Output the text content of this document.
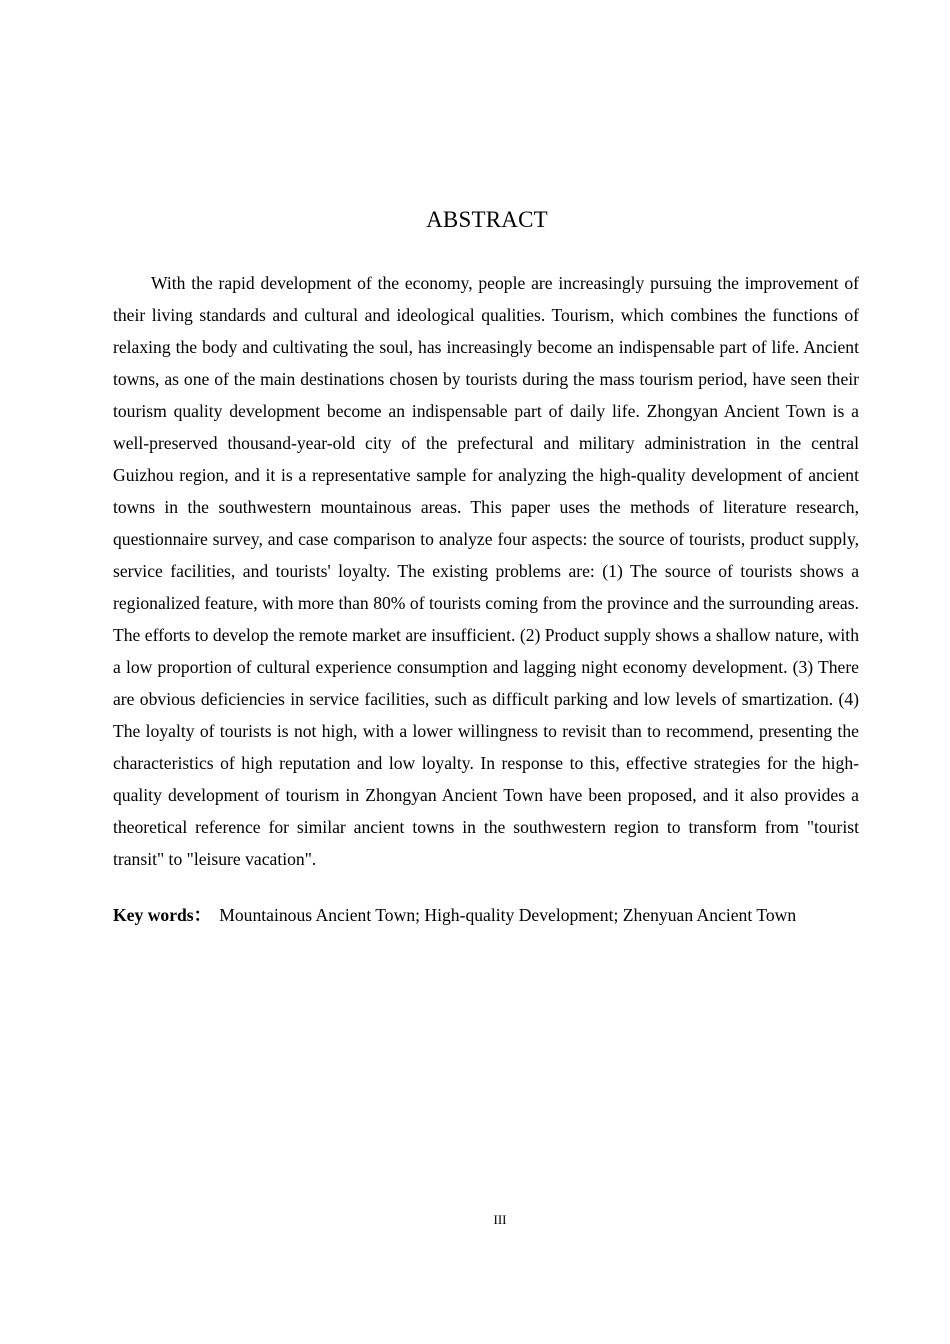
ABSTRACT

With the rapid development of the economy, people are increasingly pursuing the improvement of their living standards and cultural and ideological qualities. Tourism, which combines the functions of relaxing the body and cultivating the soul, has increasingly become an indispensable part of life. Ancient towns, as one of the main destinations chosen by tourists during the mass tourism period, have seen their tourism quality development become an indispensable part of daily life. Zhongyan Ancient Town is a well-preserved thousand-year-old city of the prefectural and military administration in the central Guizhou region, and it is a representative sample for analyzing the high-quality development of ancient towns in the southwestern mountainous areas. This paper uses the methods of literature research, questionnaire survey, and case comparison to analyze four aspects: the source of tourists, product supply, service facilities, and tourists' loyalty. The existing problems are: (1) The source of tourists shows a regionalized feature, with more than 80% of tourists coming from the province and the surrounding areas. The efforts to develop the remote market are insufficient. (2) Product supply shows a shallow nature, with a low proportion of cultural experience consumption and lagging night economy development. (3) There are obvious deficiencies in service facilities, such as difficult parking and low levels of smartization. (4) The loyalty of tourists is not high, with a lower willingness to revisit than to recommend, presenting the characteristics of high reputation and low loyalty. In response to this, effective strategies for the high-quality development of tourism in Zhongyan Ancient Town have been proposed, and it also provides a theoretical reference for similar ancient towns in the southwestern region to transform from "tourist transit" to "leisure vacation".

Key words： Mountainous Ancient Town; High-quality Development; Zhenyuan Ancient Town
III
